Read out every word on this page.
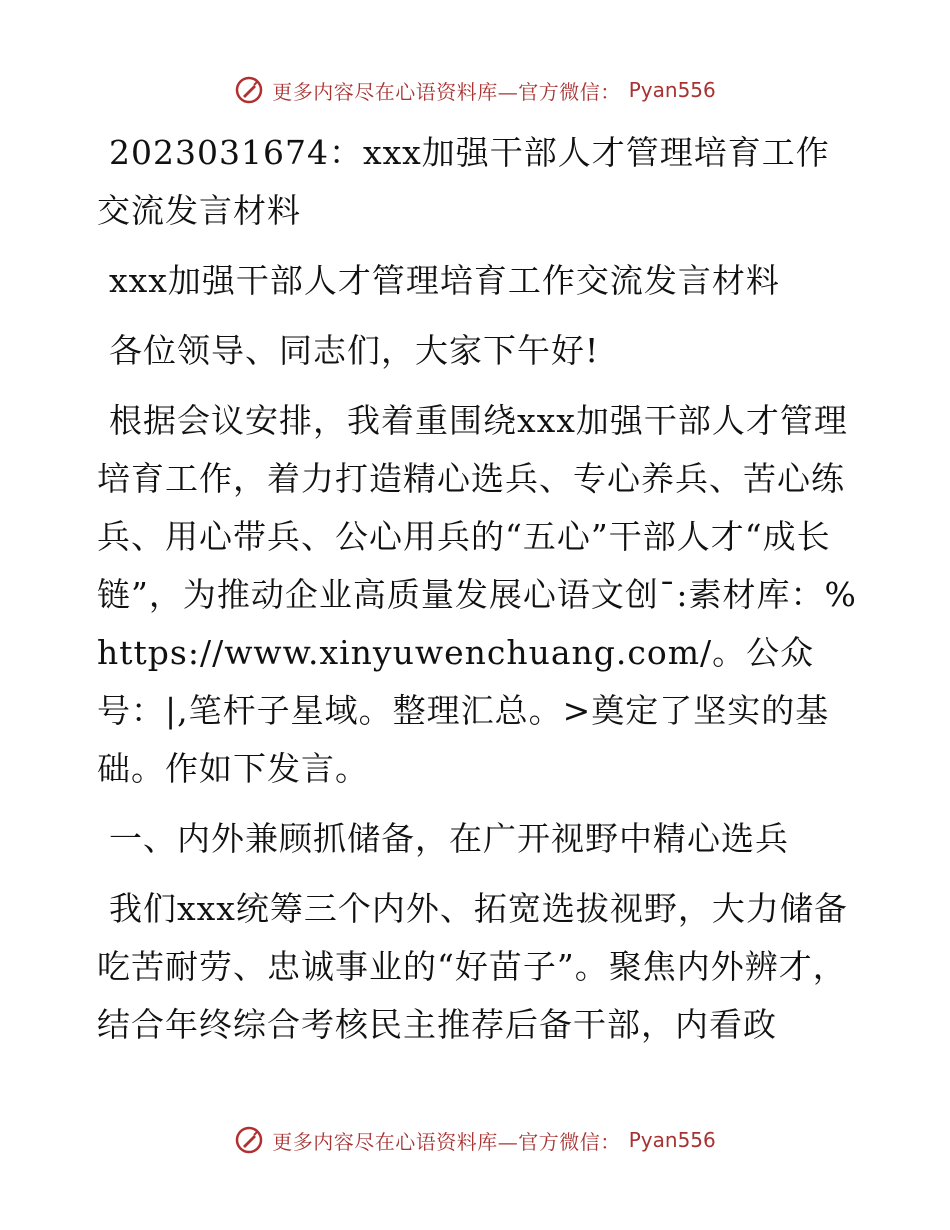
更多内容尽在心语资料库—官方微信： Pyan556

2023031674：xxx加强干部人才管理培育工作交流发言材料

xxx加强干部人才管理培育工作交流发言材料

各位领导、同志们，大家下午好!

根据会议安排，我着重围绕xxx加强干部人才管理培育工作，着力打造精心选兵、专心养兵、苦心练兵、用心带兵、公心用兵的“五心”干部人才“成长链”，为推动企业高质量发展心语文创¯:素材库：%https://www.xinyuwenchuang.com/。公众号：|,笔杆子星域。整理汇总。>奠定了坚实的基础。作如下发言。

一、内外兼顾抓储备，在广开视野中精心选兵

我们xxx统筹三个内外、拓宽选拔视野，大力储备吃苦耐劳、忠诚事业的“好苗子”。聚焦内外辨才，结合年终综合考核民主推荐后备干部，内看政

更多内容尽在心语资料库—官方微信： Pyan556
